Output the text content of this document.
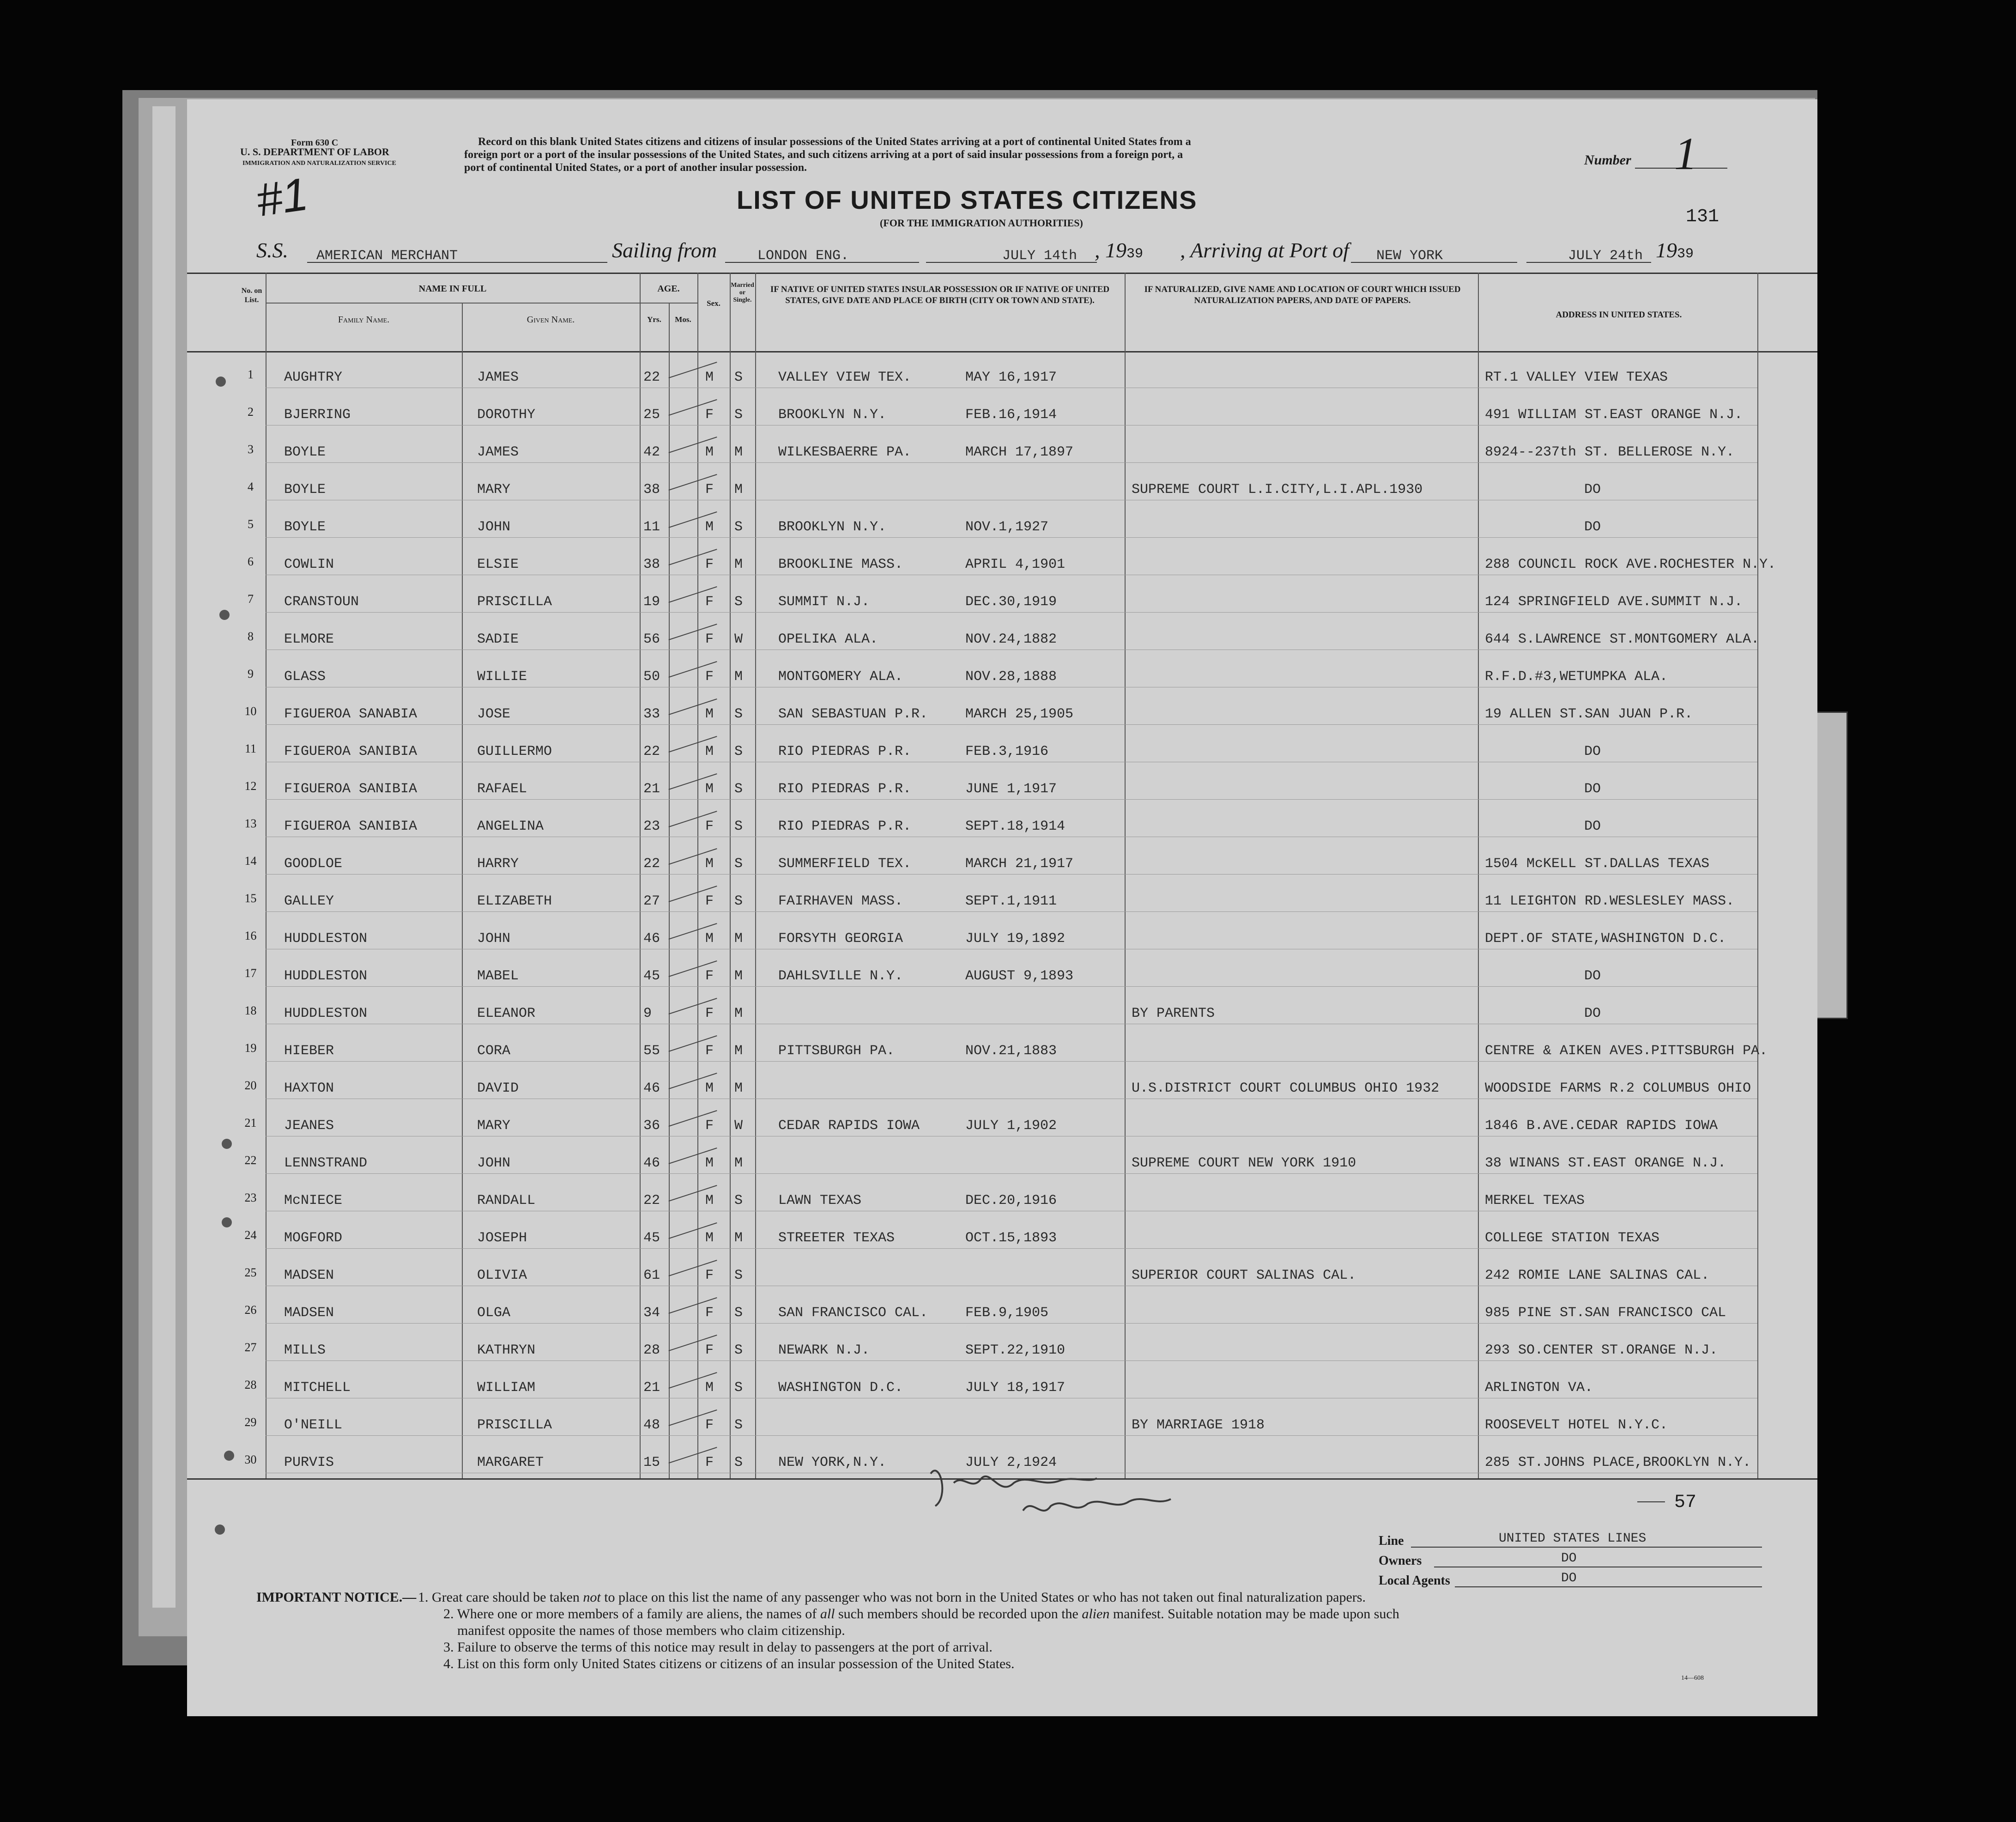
Form 630 C
U. S. DEPARTMENT OF LABOR
IMMIGRATION AND NATURALIZATION SERVICE
Record on this blank United States citizens and citizens of insular possessions of the United States arriving at a port of continental United States from a
foreign port or a port of the insular possessions of the United States, and such citizens arriving at a port of said insular possessions from a foreign port, a
port of continental United States, or a port of another insular possession.	Number 1
#1	LIST OF UNITED STATES CITIZENS
(FOR THE IMMIGRATION AUTHORITIES)	131
S.S. AMERICAN MERCHANT	Sailing from	LONDON ENG.	JULY 14th , 1939 , Arriving at Port of NEW YORK	JULY 24th 1939
No. on List.
NAME IN FULL
Family Name.	Given Name.
AGE.
Yrs.	Mos.
Sex.
Married or Single.
IF NATIVE OF UNITED STATES INSULAR POSSESSION OR IF NATIVE OF UNITED STATES, GIVE DATE AND PLACE OF BIRTH (CITY OR TOWN AND STATE).
IF NATURALIZED, GIVE NAME AND LOCATION OF COURT WHICH ISSUED NATURALIZATION PAPERS, AND DATE OF PAPERS.
ADDRESS IN UNITED STATES.
1	AUGHTRY	JAMES	22	M S	VALLEY VIEW TEX.	MAY 16,1917	RT.1 VALLEY VIEW TEXAS
2	BJERRING	DOROTHY	25	F S	BROOKLYN N.Y.	FEB.16,1914	491 WILLIAM ST.EAST ORANGE N.J.
3	BOYLE	JAMES	42	M M	WILKESBAERRE PA.	MARCH 17,1897	8924--237th ST. BELLEROSE N.Y.
4	BOYLE	MARY	38	F M	SUPREME COURT L.I.CITY,L.I.APL.1930	DO
5	BOYLE	JOHN	11	M S	BROOKLYN N.Y.	NOV.1,1927	DO
6	COWLIN	ELSIE	38	F M	BROOKLINE MASS.	APRIL 4,1901	288 COUNCIL ROCK AVE.ROCHESTER N.Y.
7	CRANSTOUN	PRISCILLA	19	F S	SUMMIT N.J.	DEC.30,1919	124 SPRINGFIELD AVE.SUMMIT N.J.
8	ELMORE	SADIE	56	F W	OPELIKA ALA.	NOV.24,1882	644 S.LAWRENCE ST.MONTGOMERY ALA.
9	GLASS	WILLIE	50	F M	MONTGOMERY ALA.	NOV.28,1888	R.F.D.#3,WETUMPKA ALA.
10	FIGUEROA SANABIA	JOSE	33	M S	SAN SEBASTUAN P.R.	MARCH 25,1905	19 ALLEN ST.SAN JUAN P.R.
11	FIGUEROA SANIBIA	GUILLERMO	22	M S	RIO PIEDRAS P.R.	FEB.3,1916	DO
12	FIGUEROA SANIBIA	RAFAEL	21	M S	RIO PIEDRAS P.R.	JUNE 1,1917	DO
13	FIGUEROA SANIBIA	ANGELINA	23	F S	RIO PIEDRAS P.R.	SEPT.18,1914	DO
14	GOODLOE	HARRY	22	M S	SUMMERFIELD TEX.	MARCH 21,1917	1504 McKELL ST.DALLAS TEXAS
15	GALLEY	ELIZABETH	27	F S	FAIRHAVEN MASS.	SEPT.1,1911	11 LEIGHTON RD.WESLESLEY MASS.
16	HUDDLESTON	JOHN	46	M M	FORSYTH GEORGIA	JULY 19,1892	DEPT.OF STATE,WASHINGTON D.C.
17	HUDDLESTON	MABEL	45	F M	DAHLSVILLE N.Y.	AUGUST 9,1893	DO
18	HUDDLESTON	ELEANOR	9	F M	BY PARENTS	DO
19	HIEBER	CORA	55	F M	PITTSBURGH PA.	NOV.21,1883	CENTRE & AIKEN AVES.PITTSBURGH PA.
20	HAXTON	DAVID	46	M M	U.S.DISTRICT COURT COLUMBUS OHIO 1932	WOODSIDE FARMS R.2 COLUMBUS OHIO
21	JEANES	MARY	36	F W	CEDAR RAPIDS IOWA	JULY 1,1902	1846 B.AVE.CEDAR RAPIDS IOWA
22	LENNSTRAND	JOHN	46	M M	SUPREME COURT NEW YORK 1910	38 WINANS ST.EAST ORANGE N.J.
23	McNIECE	RANDALL	22	M S	LAWN TEXAS	DEC.20,1916	MERKEL TEXAS
24	MOGFORD	JOSEPH	45	M M	STREETER TEXAS	OCT.15,1893	COLLEGE STATION TEXAS
25	MADSEN	OLIVIA	61	F S	SUPERIOR COURT SALINAS CAL.	242 ROMIE LANE SALINAS CAL.
26	MADSEN	OLGA	34	F S	SAN FRANCISCO CAL.	FEB.9,1905	985 PINE ST.SAN FRANCISCO CAL
27	MILLS	KATHRYN	28	F S	NEWARK N.J.	SEPT.22,1910	293 SO.CENTER ST.ORANGE N.J.
28	MITCHELL	WILLIAM	21	M S	WASHINGTON D.C.	JULY 18,1917	ARLINGTON VA.
29	O'NEILL	PRISCILLA	48	F S	BY MARRIAGE 1918	ROOSEVELT HOTEL N.Y.C.
30	PURVIS	MARGARET	15	F S	NEW YORK,N.Y.	JULY 2,1924	285 ST.JOHNS PLACE,BROOKLYN N.Y.
57
Line	UNITED STATES LINES
Owners	DO
Local Agents	DO
IMPORTANT NOTICE.— 1. Great care should be taken not to place on this list the name of any passenger who was not born in the United States or who has not taken out final naturalization papers.
2. Where one or more members of a family are aliens, the names of all such members should be recorded upon the alien manifest. Suitable notation may be made upon such
manifest opposite the names of those members who claim citizenship.
3. Failure to observe the terms of this notice may result in delay to passengers at the port of arrival.
4. List on this form only United States citizens or citizens of an insular possession of the United States.
14—608
